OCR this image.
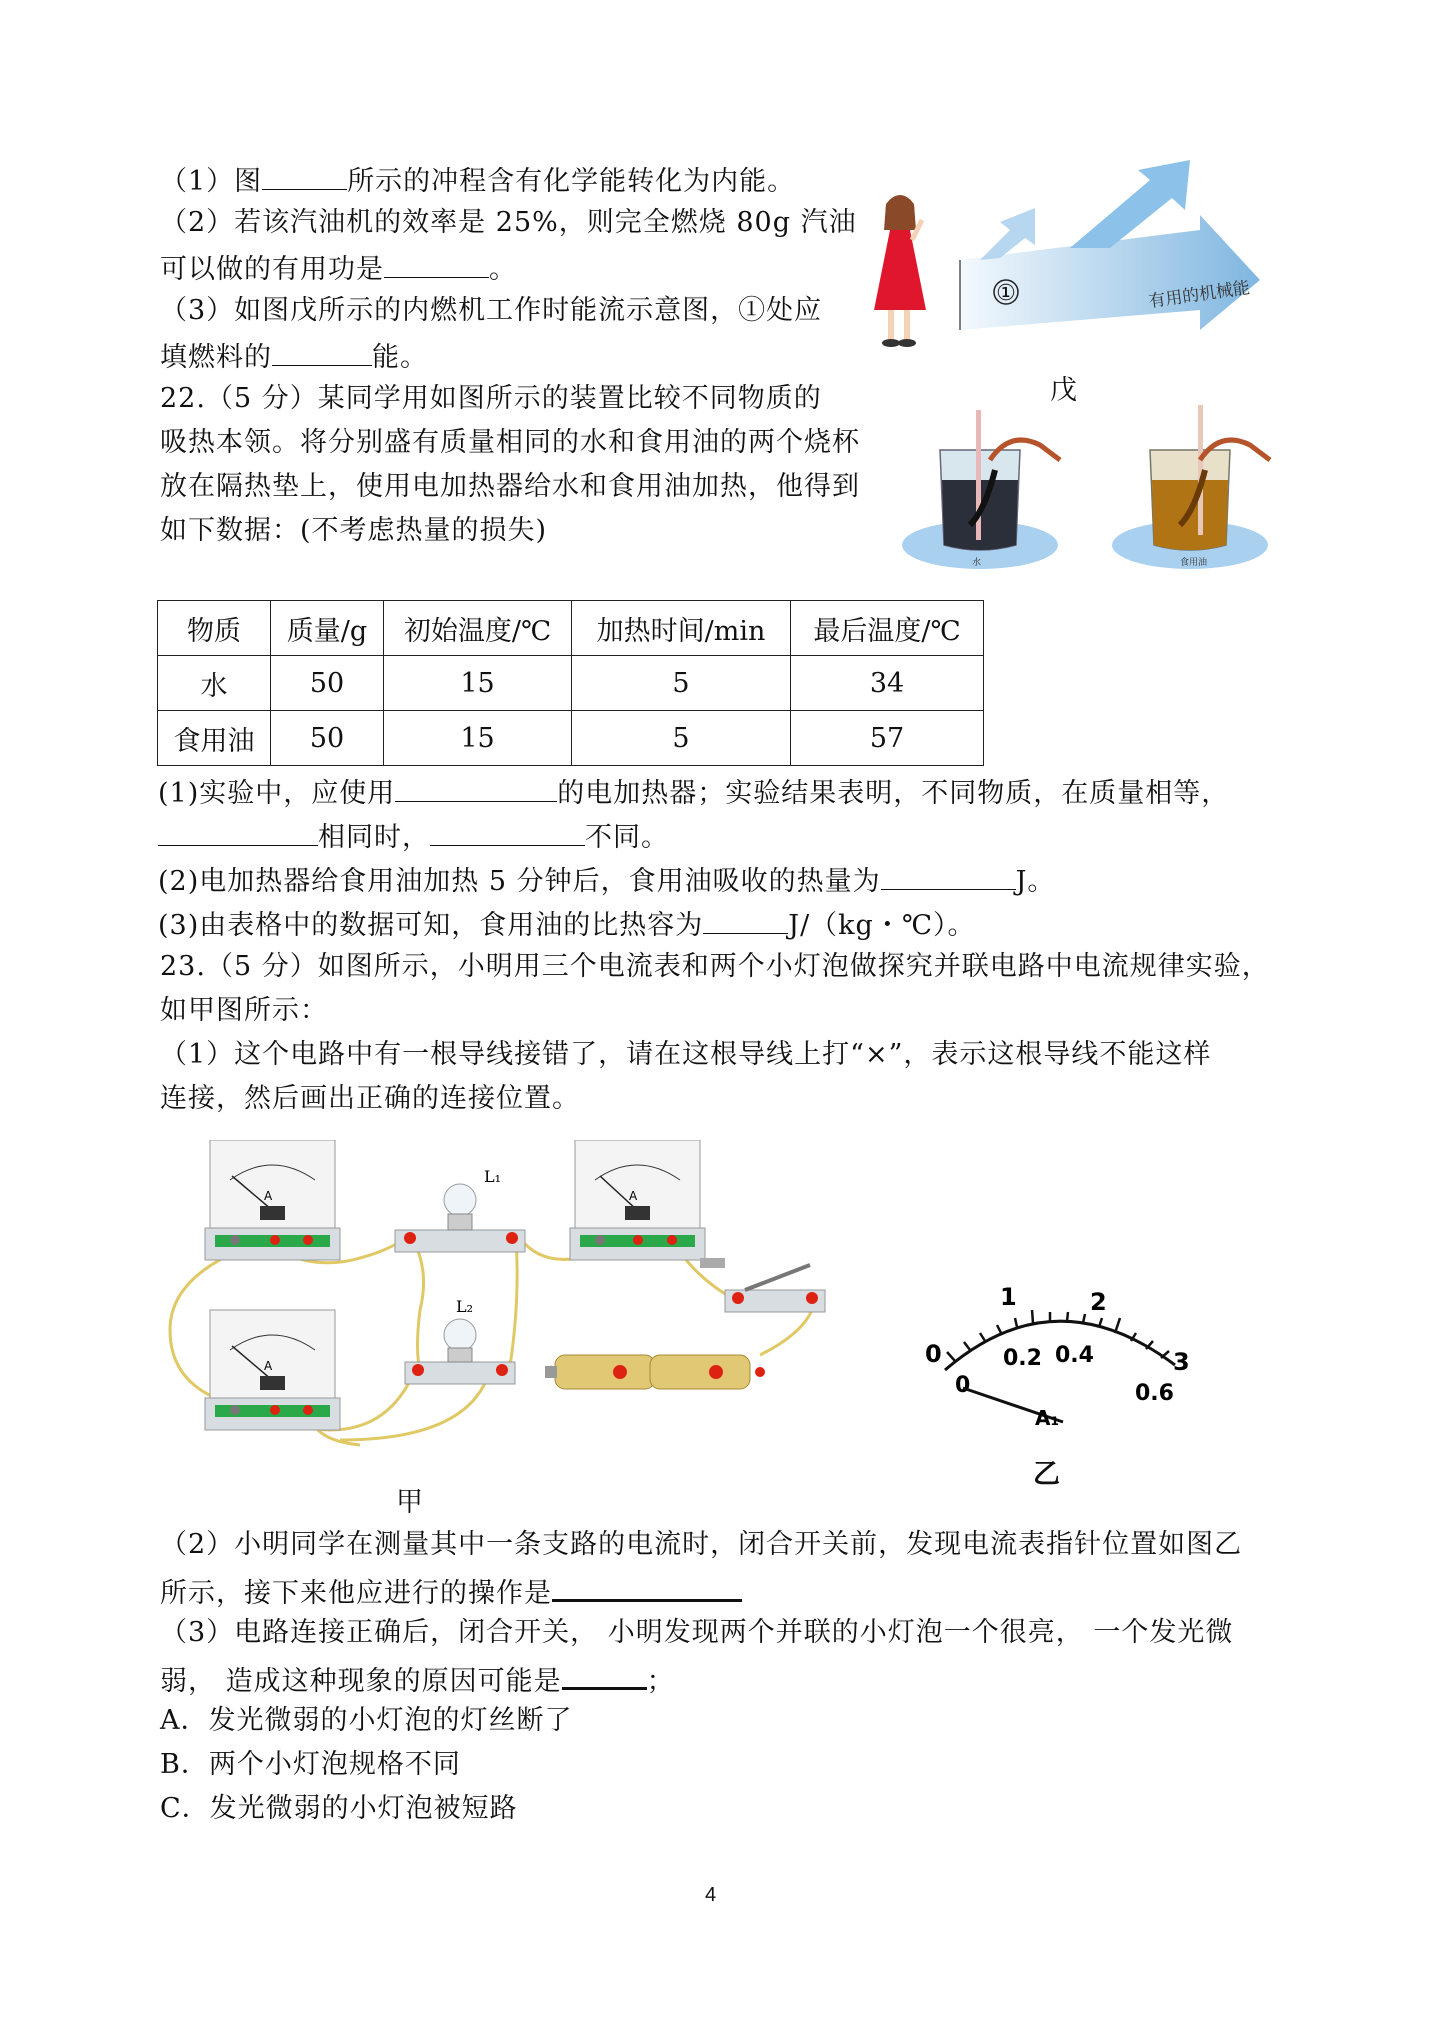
（1）图	所示的冲程含有化学能转化为内能。
（2）若该汽油机的效率是 25%，则完全燃烧 80g 汽油
可以做的有用功是	。
（3）如图戊所示的内燃机工作时能流示意图，①处应
填燃料的	能。
①	有用的机械能
戊
22.（5 分）某同学用如图所示的装置比较不同物质的
吸热本领。将分别盛有质量相同的水和食用油的两个烧杯
放在隔热垫上，使用电加热器给水和食用油加热，他得到
如下数据：(不考虑热量的损失)
水	食用油
物质	质量/g	初始温度/℃	加热时间/min	最后温度/℃
水	50	15	5	34
食用油	50	15	5	57
(1)实验中，应使用	的电加热器；实验结果表明，不同物质，在质量相等，
相同时，	不同。
(2)电加热器给食用油加热 5 分钟后，食用油吸收的热量为	J。
(3)由表格中的数据可知，食用油的比热容为	J/（kg・℃）。
23.（5 分）如图所示，小明用三个电流表和两个小灯泡做探究并联电路中电流规律实验，
如甲图所示：
（1）这个电路中有一根导线接错了，请在这根导线上打“×”，表示这根导线不能这样
连接，然后画出正确的连接位置。
A
L₁
A
A
L₂
甲
0
1	2
3
0
0.2 0.4
0.6
A₁
乙
（2）小明同学在测量其中一条支路的电流时，闭合开关前，发现电流表指针位置如图乙
所示，接下来他应进行的操作是
（3）电路连接正确后，闭合开关， 小明发现两个并联的小灯泡一个很亮， 一个发光微
弱， 造成这种现象的原因可能是	；
A．发光微弱的小灯泡的灯丝断了
B．两个小灯泡规格不同
C．发光微弱的小灯泡被短路
4
